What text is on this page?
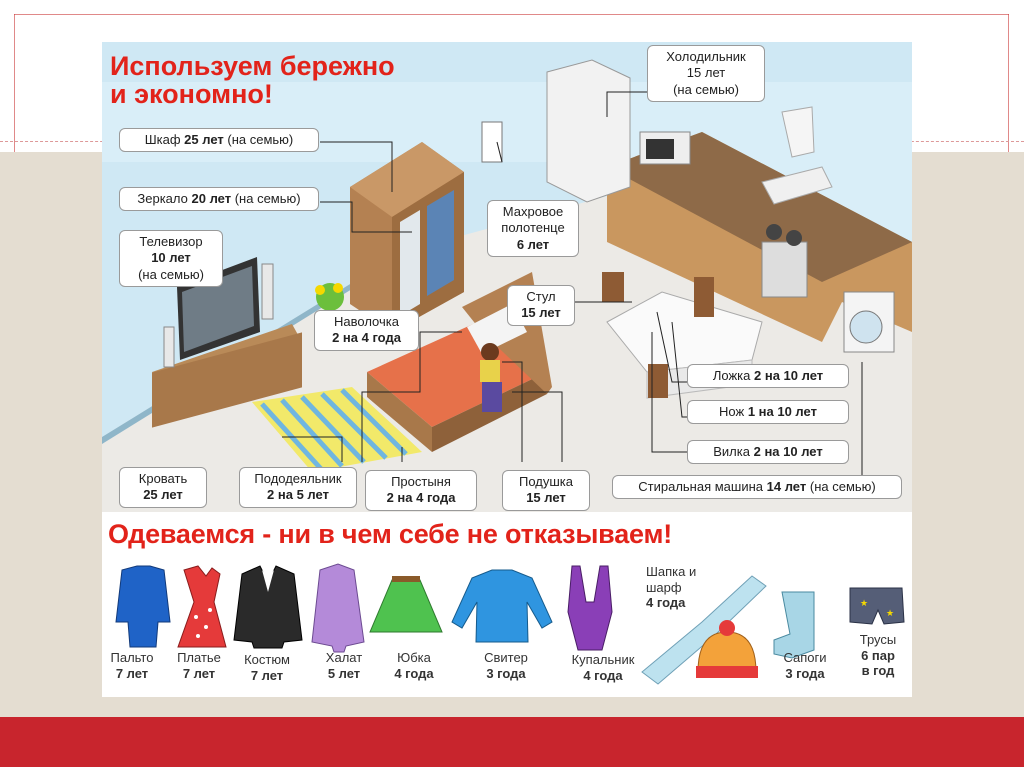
Используем бережно
и экономно!
Холодильник
15 лет
(на семью)
Шкаф 25 лет (на семью)
Зеркало 20 лет (на семью)
Телевизор
10 лет
(на семью)
Махровое
полотенце
6 лет
Стул
15 лет
Наволочка
2 на 4 года
Ложка 2 на 10 лет
Нож 1 на 10 лет
Вилка 2 на 10 лет
Стиральная машина 14 лет (на семью)
Кровать
25 лет
Пододеяльник
2 на 5 лет
Простыня
2 на 4 года
Подушка
15 лет
Одеваемся - ни в чем себе не отказываем!
★
★
Пальто
7 лет
Платье
7 лет
Костюм
7 лет
Халат
5 лет
Юбка
4 года
Свитер
3 года
Купальник
4 года
Шапка и
шарф
4 года
Сапоги
3 года
Трусы
6 пар
в год
